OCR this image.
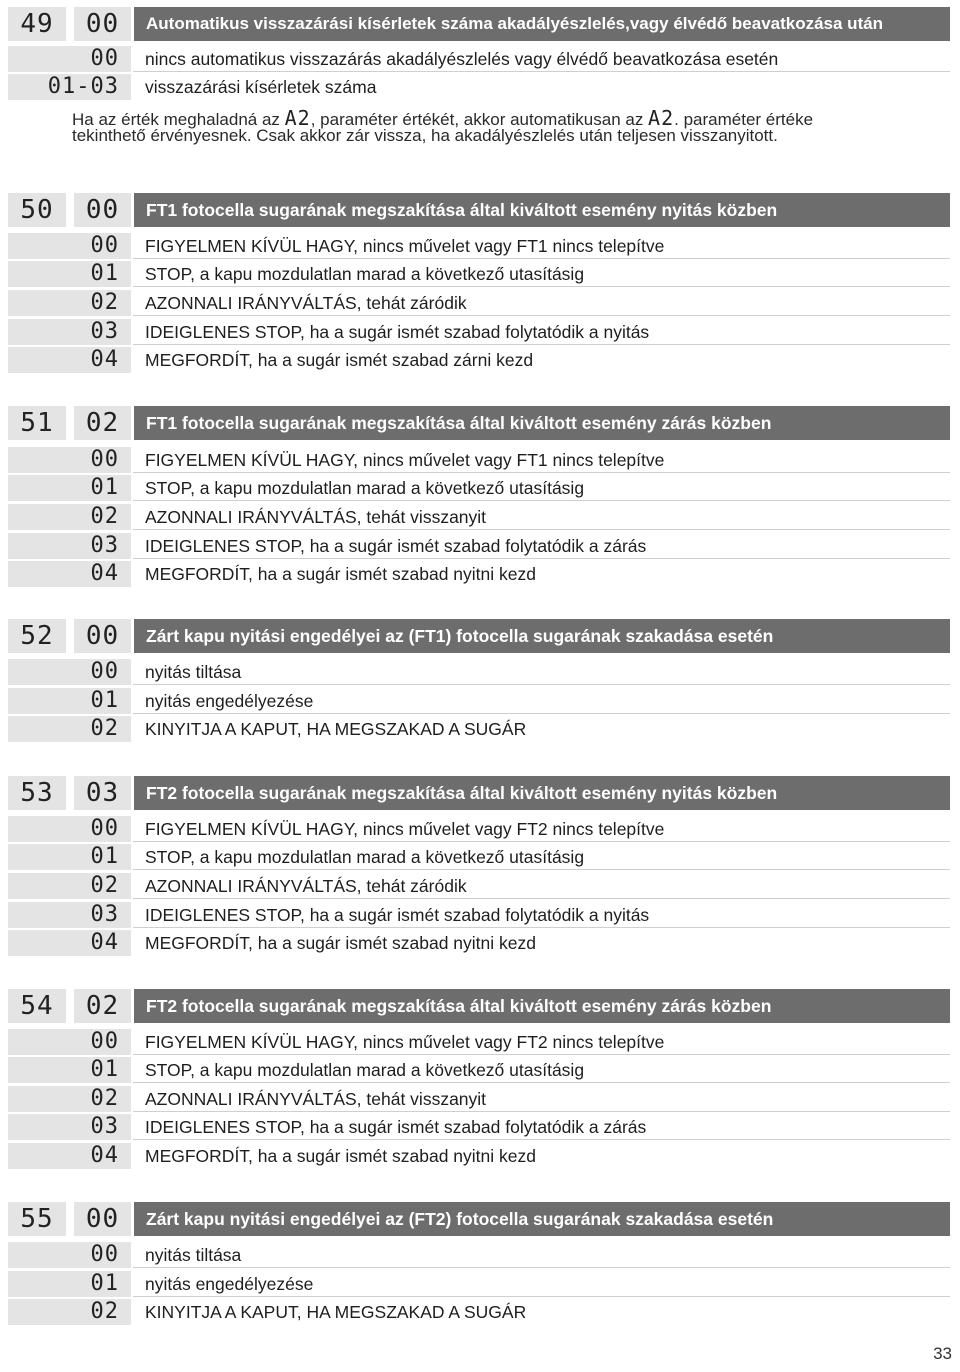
49	00	Automatikus visszazárási kísérletek száma akadályészlelés,vagy élvédő beavatkozása után
00 nincs automatikus visszazárás akadályészlelés vagy élvédő beavatkozása esetén
01-03 visszazárási kísérletek száma
Ha az érték meghaladná az A2, paraméter értékét, akkor automatikusan az A2. paraméter értéke
tekinthető érvényesnek. Csak akkor zár vissza, ha akadályészlelés után teljesen visszanyitott.
50	00	FT1 fotocella sugarának megszakítása által kiváltott esemény nyitás közben
00 FIGYELMEN KÍVÜL HAGY, nincs művelet vagy FT1 nincs telepítve
01 STOP, a kapu mozdulatlan marad a következő utasításig
02 AZONNALI IRÁNYVÁLTÁS, tehát záródik
03 IDEIGLENES STOP, ha a sugár ismét szabad folytatódik a nyitás
04 MEGFORDÍT, ha a sugár ismét szabad zárni kezd
51	02	FT1 fotocella sugarának megszakítása által kiváltott esemény zárás közben
00 FIGYELMEN KÍVÜL HAGY, nincs művelet vagy FT1 nincs telepítve
01 STOP, a kapu mozdulatlan marad a következő utasításig
02 AZONNALI IRÁNYVÁLTÁS, tehát visszanyit
03 IDEIGLENES STOP, ha a sugár ismét szabad folytatódik a zárás
04 MEGFORDÍT, ha a sugár ismét szabad nyitni kezd
52	00	Zárt kapu nyitási engedélyei az (FT1) fotocella sugarának szakadása esetén
00 nyitás tiltása
01 nyitás engedélyezése
02 KINYITJA A KAPUT, HA MEGSZAKAD A SUGÁR
53	03	FT2 fotocella sugarának megszakítása által kiváltott esemény nyitás közben
00 FIGYELMEN KÍVÜL HAGY, nincs művelet vagy FT2 nincs telepítve
01 STOP, a kapu mozdulatlan marad a következő utasításig
02 AZONNALI IRÁNYVÁLTÁS, tehát záródik
03 IDEIGLENES STOP, ha a sugár ismét szabad folytatódik a nyitás
04 MEGFORDÍT, ha a sugár ismét szabad nyitni kezd
54	02	FT2 fotocella sugarának megszakítása által kiváltott esemény zárás közben
00 FIGYELMEN KÍVÜL HAGY, nincs művelet vagy FT2 nincs telepítve
01 STOP, a kapu mozdulatlan marad a következő utasításig
02 AZONNALI IRÁNYVÁLTÁS, tehát visszanyit
03 IDEIGLENES STOP, ha a sugár ismét szabad folytatódik a zárás
04 MEGFORDÍT, ha a sugár ismét szabad nyitni kezd
55	00	Zárt kapu nyitási engedélyei az (FT2) fotocella sugarának szakadása esetén
00 nyitás tiltása
01 nyitás engedélyezése
02 KINYITJA A KAPUT, HA MEGSZAKAD A SUGÁR
33
